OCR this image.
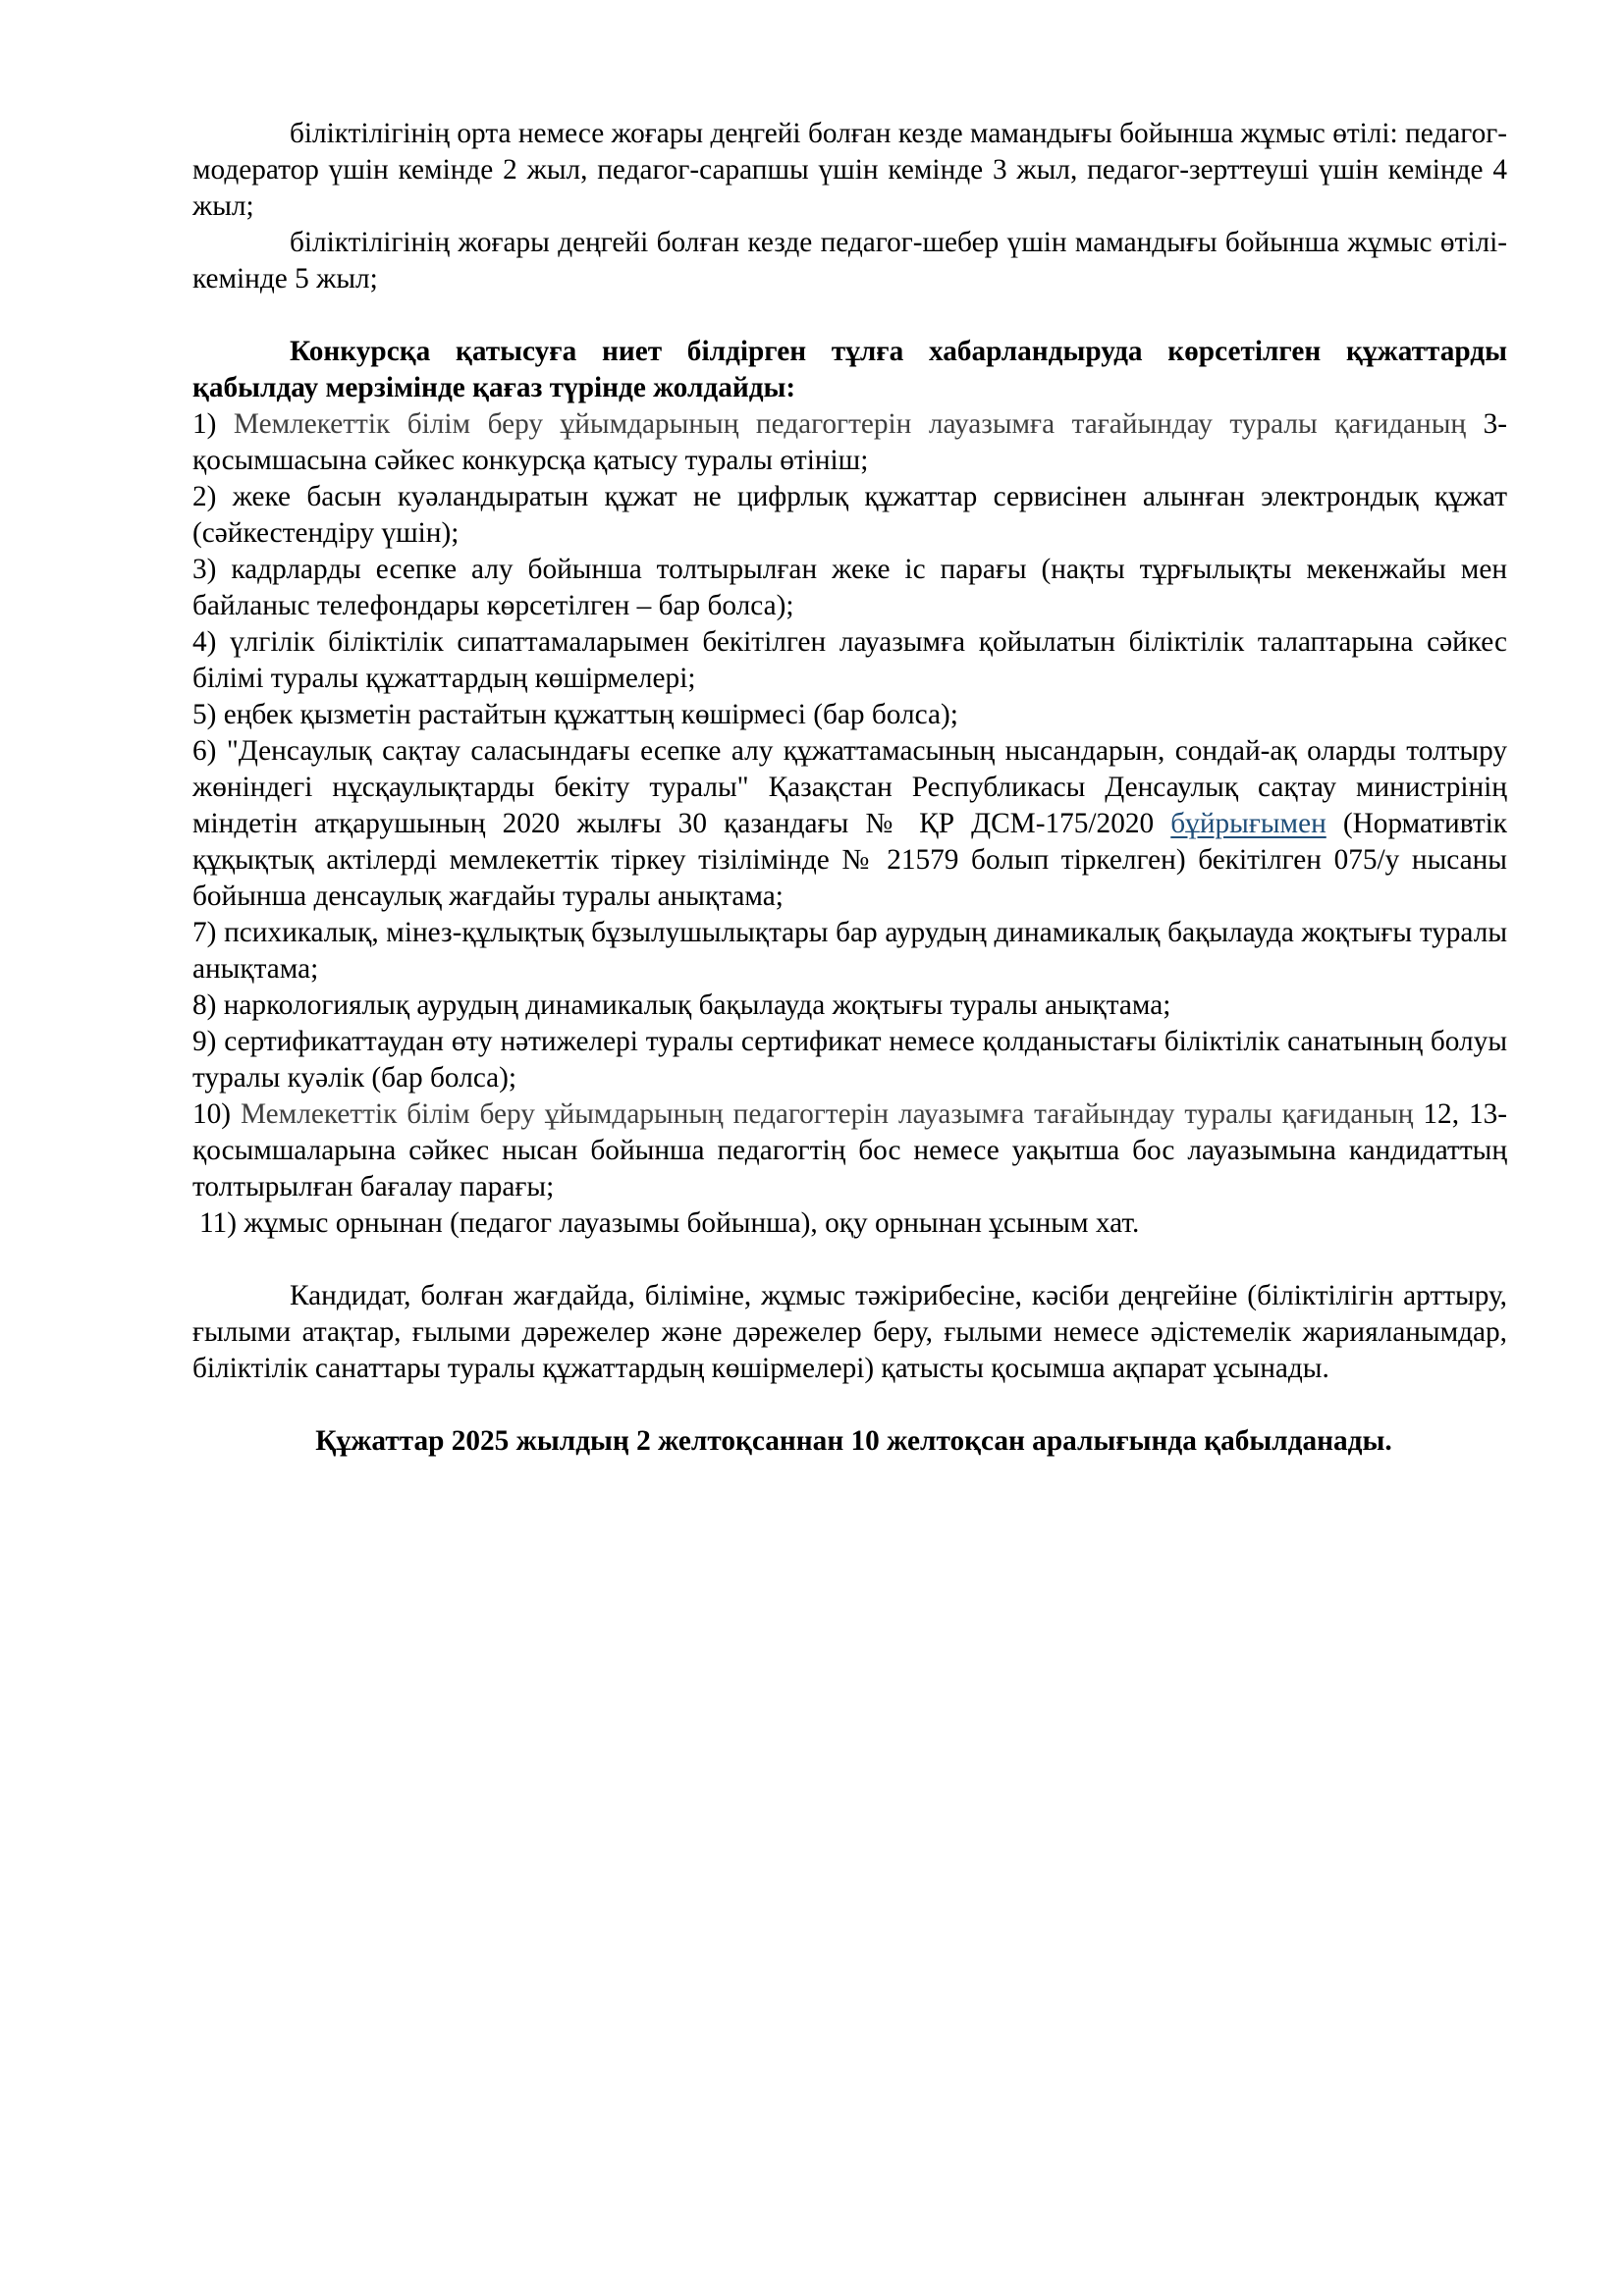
біліктілігінің орта немесе жоғары деңгейі болған кезде мамандығы бойынша жұмыс өтілі: педагог-модератор үшін кемінде 2 жыл, педагог-сарапшы үшін кемінде 3 жыл, педагог-зерттеуші үшін кемінде 4 жыл;

біліктілігінің жоғары деңгейі болған кезде педагог-шебер үшін мамандығы бойынша жұмыс өтілі-кемінде 5 жыл;

Конкурсқа қатысуға ниет білдірген тұлға хабарландыруда көрсетілген құжаттарды қабылдау мерзімінде қағаз түрінде жолдайды:

1) Мемлекеттік білім беру ұйымдарының педагогтерін лауазымға тағайындау туралы қағиданың 3- қосымшасына сәйкес конкурсқа қатысу туралы өтініш;

2) жеке басын куәландыратын құжат не цифрлық құжаттар сервисінен алынған электрондық құжат (сәйкестендіру үшін);

3) кадрларды есепке алу бойынша толтырылған жеке іс парағы (нақты тұрғылықты мекенжайы мен байланыс телефондары көрсетілген – бар болса);

4) үлгілік біліктілік сипаттамаларымен бекітілген лауазымға қойылатын біліктілік талаптарына сәйкес білімі туралы құжаттардың көшірмелері;

5) еңбек қызметін растайтын құжаттың көшірмесі (бар болса);

6) "Денсаулық сақтау саласындағы есепке алу құжаттамасының нысандарын, сондай-ақ оларды толтыру жөніндегі нұсқаулықтарды бекіту туралы" Қазақстан Республикасы Денсаулық сақтау министрінің міндетін атқарушының 2020 жылғы 30 қазандағы № ҚР ДСМ-175/2020 бұйрығымен (Нормативтік құқықтық актілерді мемлекеттік тіркеу тізілімінде № 21579 болып тіркелген) бекітілген 075/у нысаны бойынша денсаулық жағдайы туралы анықтама;

7) психикалық, мінез-құлықтық бұзылушылықтары бар аурудың динамикалық бақылауда жоқтығы туралы анықтама;

8) наркологиялық аурудың динамикалық бақылауда жоқтығы туралы анықтама;

9) сертификаттаудан өту нәтижелері туралы сертификат немесе қолданыстағы біліктілік санатының болуы туралы куәлік (бар болса);

10) Мемлекеттік білім беру ұйымдарының педагогтерін лауазымға тағайындау туралы қағиданың 12, 13-қосымшаларына сәйкес нысан бойынша педагогтің бос немесе уақытша бос лауазымына кандидаттың толтырылған бағалау парағы;

11) жұмыс орнынан (педагог лауазымы бойынша), оқу орнынан ұсыным хат.

Кандидат, болған жағдайда, біліміне, жұмыс тәжірибесіне, кәсіби деңгейіне (біліктілігін арттыру, ғылыми атақтар, ғылыми дәрежелер және дәрежелер беру, ғылыми немесе әдістемелік жарияланымдар, біліктілік санаттары туралы құжаттардың көшірмелері) қатысты қосымша ақпарат ұсынады.

Құжаттар 2025 жылдың 2 желтоқсаннан 10 желтоқсан аралығында қабылданады.
